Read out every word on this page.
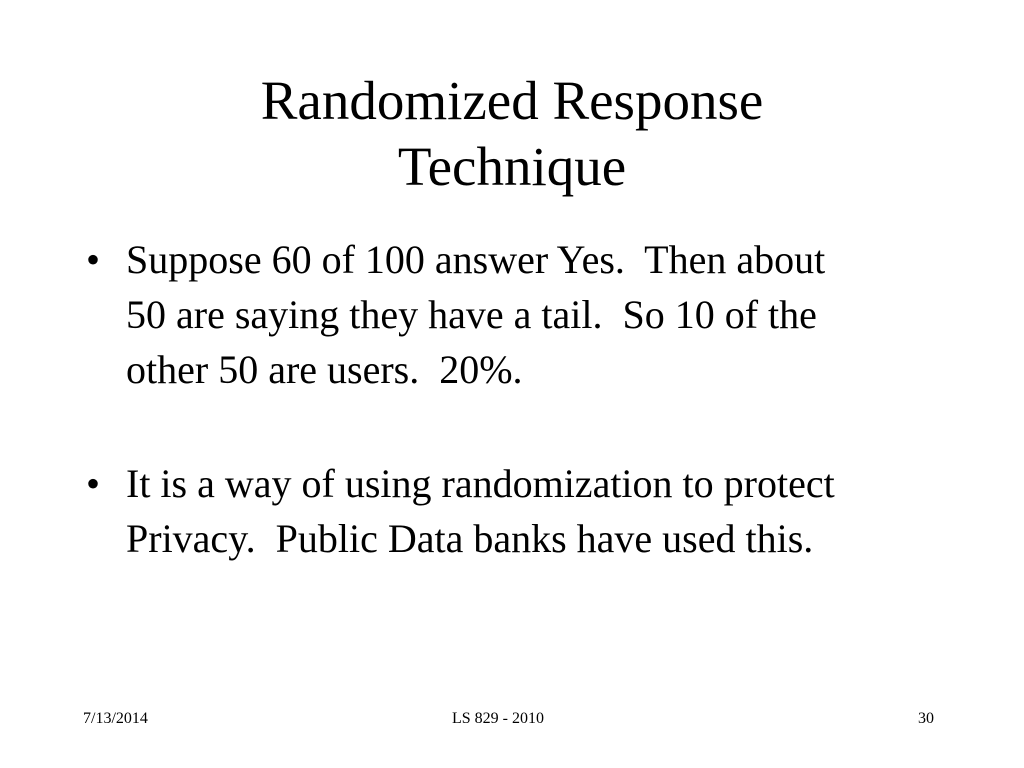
Randomized Response
Technique
• Suppose 60 of 100 answer Yes.  Then about
50 are saying they have a tail.  So 10 of the
other 50 are users.  20%.
• It is a way of using randomization to protect
Privacy.  Public Data banks have used this.
7/13/2014	LS 829 - 2010	30
